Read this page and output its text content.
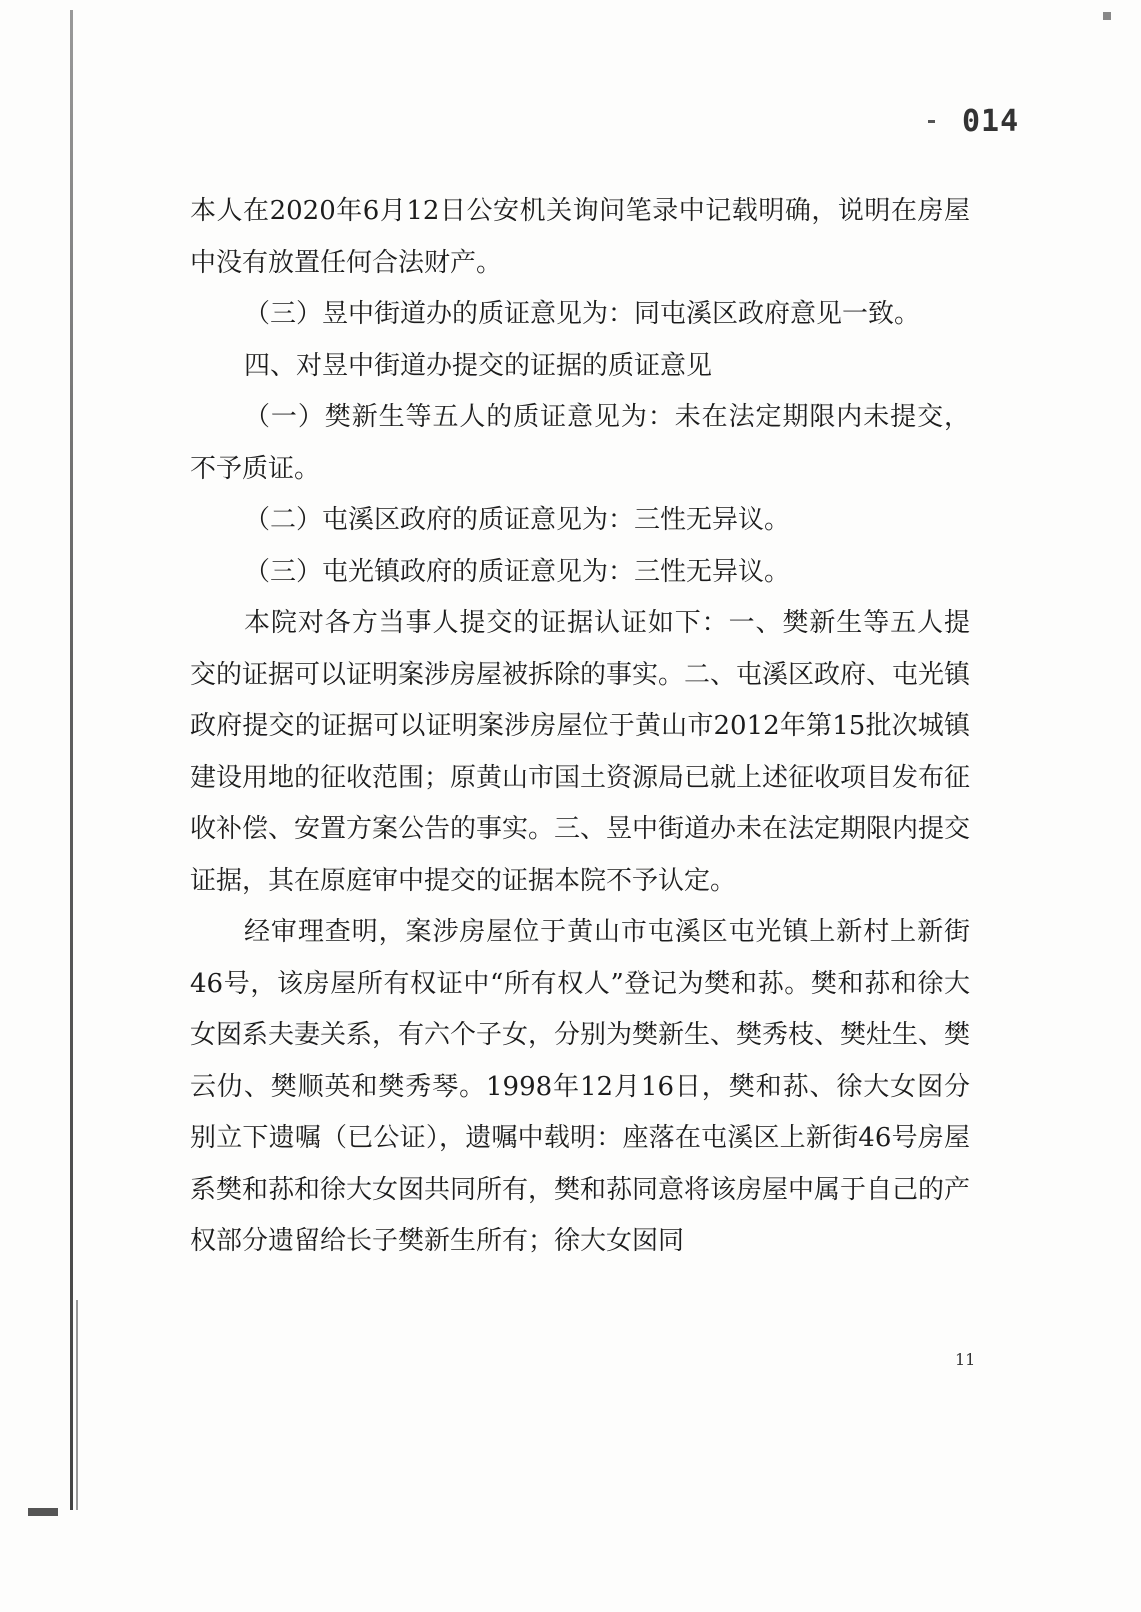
014

本人在2020年6月12日公安机关询问笔录中记载明确，说明在房屋中没有放置任何合法财产。

（三）昱中街道办的质证意见为：同屯溪区政府意见一致。

四、对昱中街道办提交的证据的质证意见

（一）樊新生等五人的质证意见为：未在法定期限内未提交，不予质证。

（二）屯溪区政府的质证意见为：三性无异议。

（三）屯光镇政府的质证意见为：三性无异议。

本院对各方当事人提交的证据认证如下：一、樊新生等五人提交的证据可以证明案涉房屋被拆除的事实。二、屯溪区政府、屯光镇政府提交的证据可以证明案涉房屋位于黄山市2012年第15批次城镇建设用地的征收范围；原黄山市国土资源局已就上述征收项目发布征收补偿、安置方案公告的事实。三、昱中街道办未在法定期限内提交证据，其在原庭审中提交的证据本院不予认定。

经审理查明，案涉房屋位于黄山市屯溪区屯光镇上新村上新街46号，该房屋所有权证中“所有权人”登记为樊和荪。樊和荪和徐大女囡系夫妻关系，有六个子女，分别为樊新生、樊秀枝、樊灶生、樊云仂、樊顺英和樊秀琴。1998年12月16日，樊和荪、徐大女囡分别立下遗嘱（已公证），遗嘱中载明：座落在屯溪区上新街46号房屋系樊和荪和徐大女囡共同所有，樊和荪同意将该房屋中属于自己的产权部分遗留给长子樊新生所有；徐大女囡同

11
